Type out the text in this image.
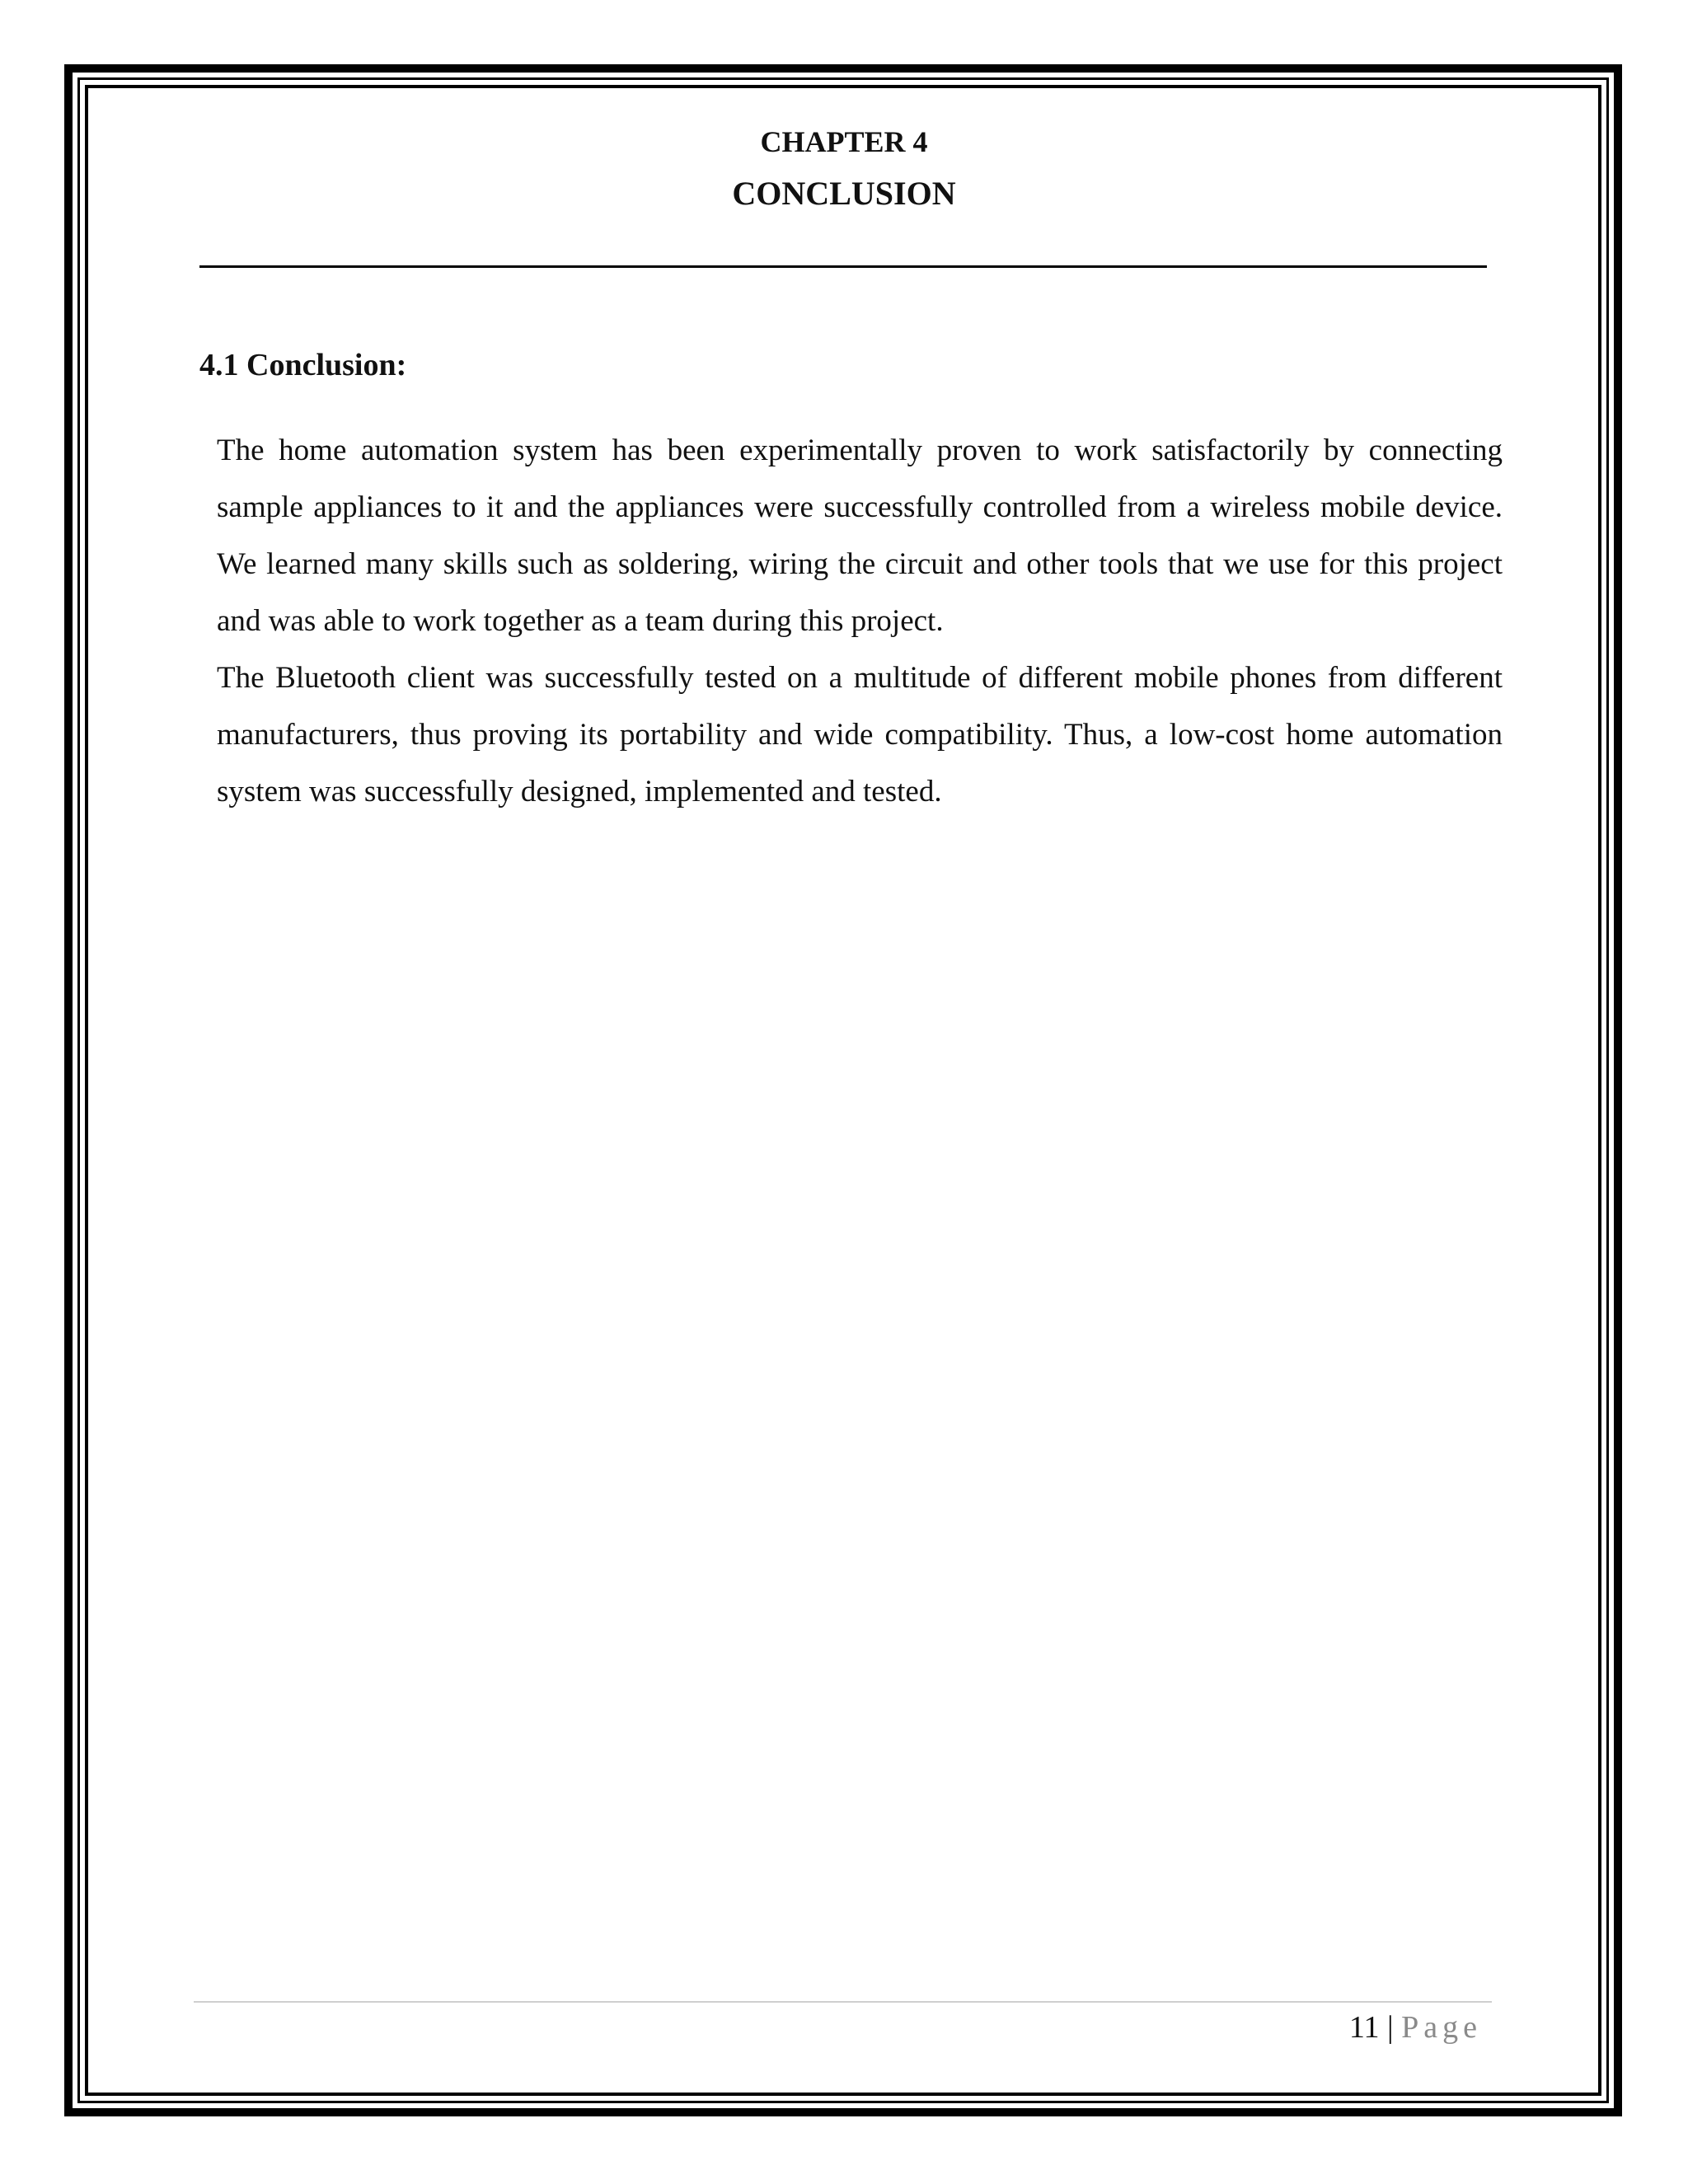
CHAPTER 4
CONCLUSION
4.1 Conclusion:

The home automation system has been experimentally proven to work satisfactorily by connecting sample appliances to it and the appliances were successfully controlled from a wireless mobile device. We learned many skills such as soldering, wiring the circuit and other tools that we use for this project and was able to work together as a team during this project.

The Bluetooth client was successfully tested on a multitude of different mobile phones from different manufacturers, thus proving its portability and wide compatibility. Thus, a low-cost home automation system was successfully designed, implemented and tested.

11 | Page
